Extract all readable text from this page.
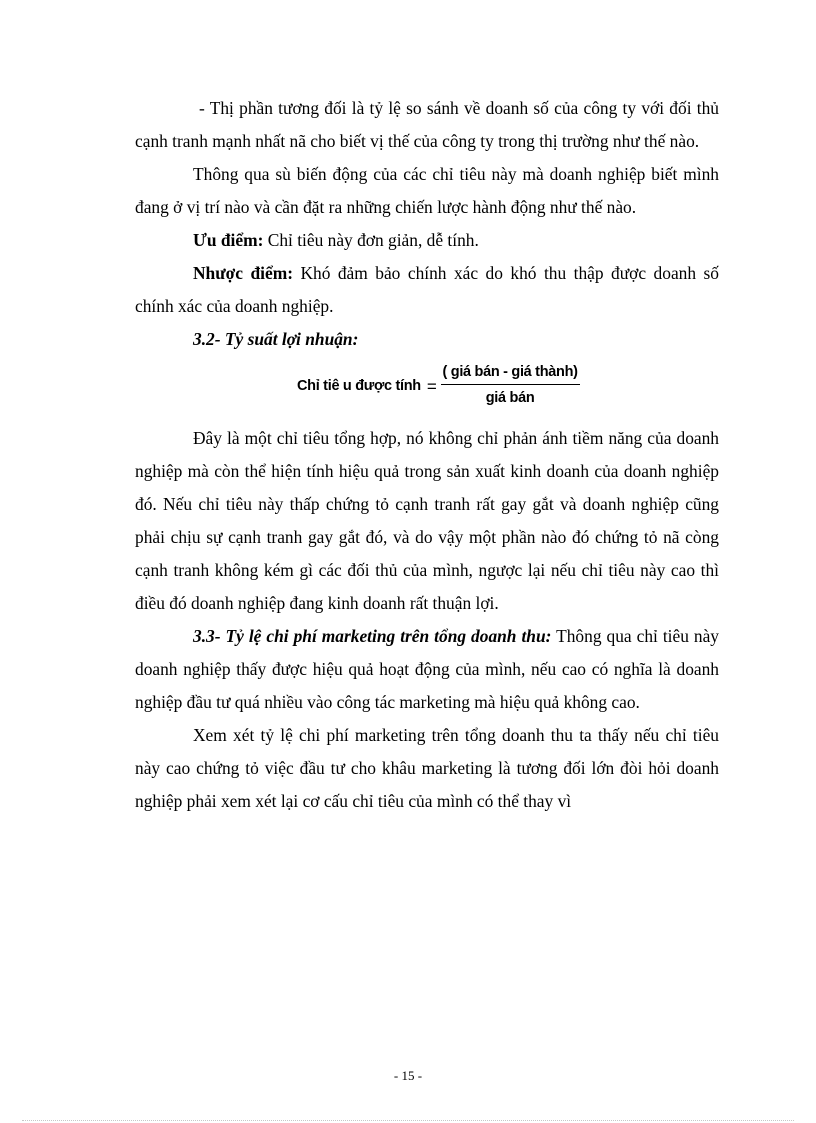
- Thị phần tương đối là tỷ lệ so sánh về doanh số của công ty với đối thủ cạnh tranh mạnh nhất nã cho biết vị thế của công ty trong thị trường như thế nào.

Thông qua sù biến động của các chỉ tiêu này mà doanh nghiệp biết mình đang ở vị trí nào và cần đặt ra những chiến lược hành động như thế nào.

Ưu điểm: Chỉ tiêu này đơn giản, dễ tính.

Nhược điểm: Khó đảm bảo chính xác do khó thu thập được doanh số chính xác của doanh nghiệp.

3.2- Tỷ suất lợi nhuận:

Chỉ tiê u được tính = $\frac{\text{( giá bán - giá thành)}}{\text{giá bán}}$

Đây là một chỉ tiêu tổng hợp, nó không chỉ phản ánh tiềm năng của doanh nghiệp mà còn thể hiện tính hiệu quả trong sản xuất kinh doanh của doanh nghiệp đó. Nếu chỉ tiêu này thấp chứng tỏ cạnh tranh rất gay gắt và doanh nghiệp cũng phải chịu sự cạnh tranh gay gắt đó, và do vậy một phần nào đó chứng tỏ nã còng cạnh tranh không kém gì các đối thủ của mình, ngược lại nếu chỉ tiêu này cao thì điều đó doanh nghiệp đang kinh doanh rất thuận lợi.

3.3- Tỷ lệ chi phí marketing trên tổng doanh thu: Thông qua chỉ tiêu này doanh nghiệp thấy được hiệu quả hoạt động của mình, nếu cao có nghĩa là doanh nghiệp đầu tư quá nhiều vào công tác marketing mà hiệu quả không cao.

Xem xét tỷ lệ chi phí marketing trên tổng doanh thu ta thấy nếu chỉ tiêu này cao chứng tỏ việc đầu tư cho khâu marketing là tương đối lớn đòi hỏi doanh nghiệp phải xem xét lại cơ cấu chỉ tiêu của mình có thể thay vì

- 15 -
